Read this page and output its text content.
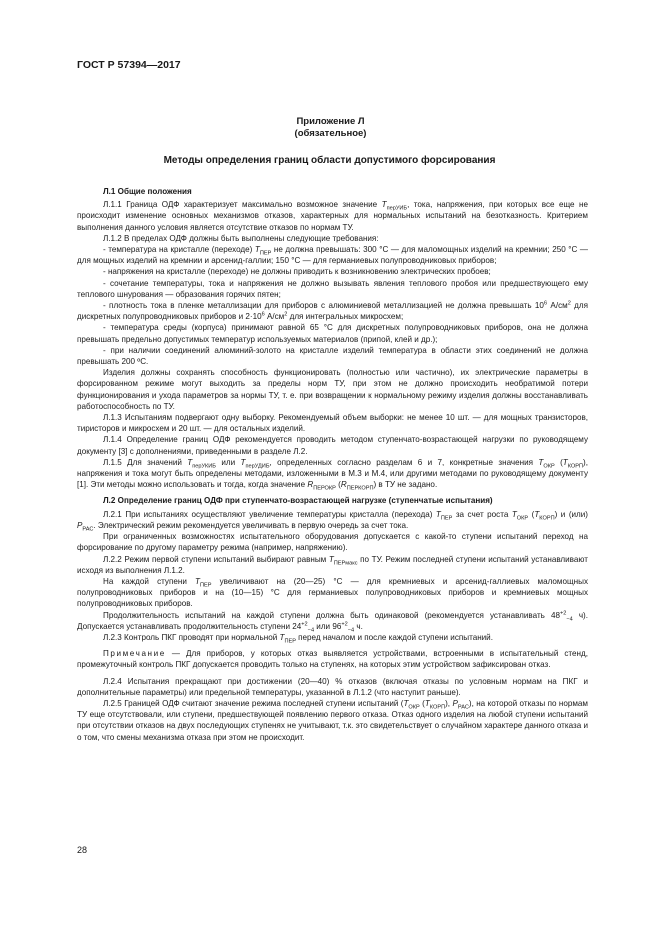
ГОСТ Р 57394—2017
Приложение Л
(обязательное)
Методы определения границ области допустимого форсирования

Л.1 Общие положения

Л.1.1 Граница ОДФ характеризует максимально возможное значение $T_{перУИБ}$, тока, напряжения, при которых все еще не происходит изменение основных механизмов отказов, характерных для нормальных испытаний на безотказность. Критерием выполнения данного условия является отсутствие отказов по нормам ТУ.

Л.1.2 В пределах ОДФ должны быть выполнены следующие требования:

- температура на кристалле (переходе) $T_{ПЕР}$ не должна превышать: 300 °С — для маломощных изделий на кремнии; 250 °С — для мощных изделий на кремнии и арсенид-галлии; 150 °С — для германиевых полупроводниковых приборов;

- напряжения на кристалле (переходе) не должны приводить к возникновению электрических пробоев;

- сочетание температуры, тока и напряжения не должно вызывать явления теплового пробоя или предшествующего ему теплового шнурования — образования горячих пятен;

- плотность тока в пленке металлизации для приборов с алюминиевой металлизацией не должна превышать $10^6$ $А/см^2$ для дискретных полупроводниковых приборов и $2\cdot 10^6$ $А/см^2$ для интегральных микросхем;

- температура среды (корпуса) принимают равной 65 °С для дискретных полупроводниковых приборов, она не должна превышать предельно допустимых температур используемых материалов (припой, клей и др.);

- при наличии соединений алюминий-золото на кристалле изделий температура в области этих соединений не должна превышать 200 ºС.

Изделия должны сохранять способность функционировать (полностью или частично), их электрические параметры в форсированном режиме могут выходить за пределы норм ТУ, при этом не должно происходить необратимой потери функционирования и ухода параметров за нормы ТУ, т. е. при возвращении к нормальному режиму изделия должны восстанавливать работоспособность по ТУ.

Л.1.3 Испытаниям подвергают одну выборку. Рекомендуемый объем выборки: не менее 10 шт. — для мощных транзисторов, тиристоров и микросхем и 20 шт. — для остальных изделий.

Л.1.4 Определение границ ОДФ рекомендуется проводить методом ступенчато-возрастающей нагрузки по руководящему документу [3] с дополнениями, приведенными в разделе Л.2.

Л.1.5 Для значений $T_{перУКИБ}$ или $T_{перУДИБ}$, определенных согласно разделам 6 и 7, конкретные значения $T_{ОКР}$ $(T_{КОРП})$, напряжения и тока могут быть определены методами, изложенными в М.3 и М.4, или другими методами по руководящему документу [1]. Эти методы можно использовать и тогда, когда значение $R_{ПЕРОКР}$ $(R_{ПЕРКОРП})$ в ТУ не задано.

Л.2 Определение границ ОДФ при ступенчато-возрастающей нагрузке (ступенчатые испытания)

Л.2.1 При испытаниях осуществляют увеличение температуры кристалла (перехода) $T_{ПЕР}$ за счет роста $T_{ОКР}$ $(T_{КОРП})$ и (или) $P_{РАС}$. Электрический режим рекомендуется увеличивать в первую очередь за счет тока.

При ограниченных возможностях испытательного оборудования допускается с какой-то ступени испытаний переход на форсирование по другому параметру режима (например, напряжению).

Л.2.2 Режим первой ступени испытаний выбирают равным $T_{ПЕРмакс}$ по ТУ. Режим последней ступени испытаний устанавливают исходя из выполнения Л.1.2.

На каждой ступени $T_{ПЕР}$ увеличивают на (20—25) °С — для кремниевых и арсенид-галлиевых маломощных полупроводниковых приборов и на (10—15) °С для германиевых полупроводниковых приборов и кремниевых мощных полупроводниковых приборов.

Продолжительность испытаний на каждой ступени должна быть одинаковой (рекомендуется устанавливать $48^{+2}_{-4}$ ч). Допускается устанавливать продолжительность ступени $24^{+2}_{-4}$ или $96^{+2}_{-4}$ ч.

Л.2.3 Контроль ПКГ проводят при нормальной $T_{ПЕР}$ перед началом и после каждой ступени испытаний.

Примечание — Для приборов, у которых отказ выявляется устройствами, встроенными в испытательный стенд, промежуточный контроль ПКГ допускается проводить только на ступенях, на которых этим устройством зафиксирован отказ.

Л.2.4 Испытания прекращают при достижении (20—40) % отказов (включая отказы по условным нормам на ПКГ и дополнительные параметры) или предельной температуры, указанной в Л.1.2 (что наступит раньше).

Л.2.5 Границей ОДФ считают значение режима последней ступени испытаний ($T_{ОКР}$ $(T_{КОРП})$, $P_{РАС}$), на которой отказы по нормам ТУ еще отсутствовали, или ступени, предшествующей появлению первого отказа. Отказ одного изделия на любой ступени испытаний при отсутствии отказов на двух последующих ступенях не учитывают, т.к. это свидетельствует о случайном характере данного отказа и о том, что смены механизма отказа при этом не происходит.

28
